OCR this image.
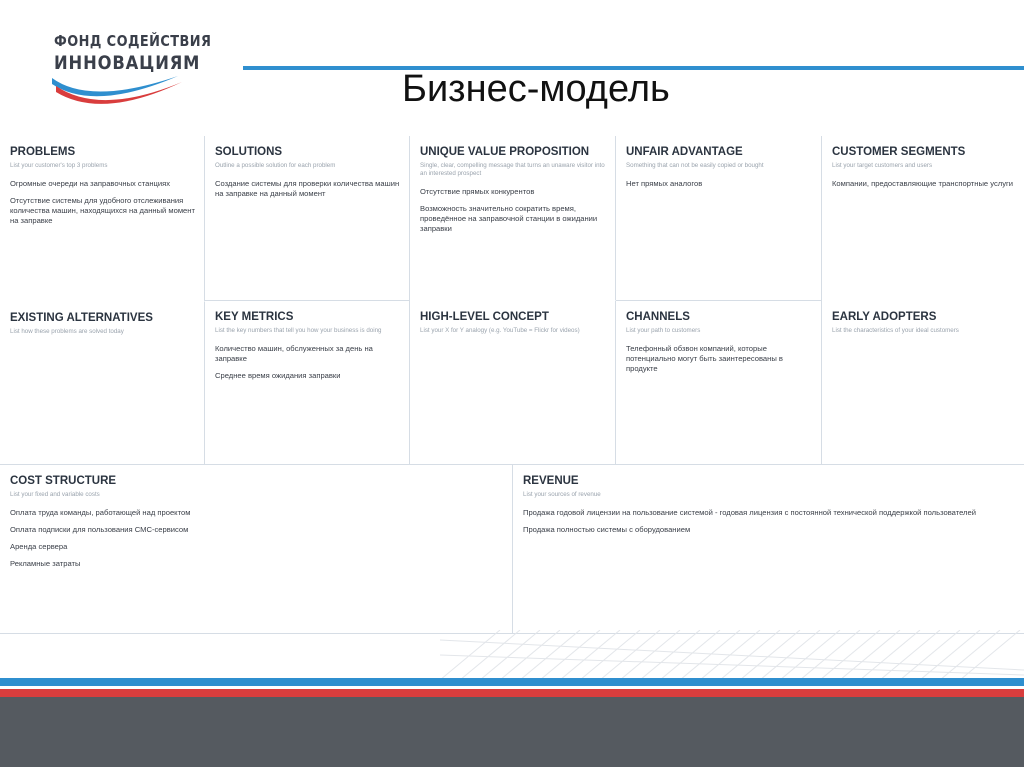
ФОНД СОДЕЙСТВИЯ
ИННОВАЦИЯМ
Бизнес-модель
PROBLEMS
List your customer's top 3 problems
Огромные очереди на заправочных станциях
Отсутствие системы для удобного отслеживания количества машин, находящихся на данный момент на заправке
EXISTING ALTERNATIVES
List how these problems are solved today
SOLUTIONS
Outline a possible solution for each problem
Создание системы для проверки количества машин на заправке на данный момент
KEY METRICS
List the key numbers that tell you how your business is doing
Количество машин, обслуженных за день на заправке
Среднее время ожидания заправки
UNIQUE VALUE PROPOSITION
Single, clear, compelling message that turns an unaware visitor into an interested prospect
Отсутствие прямых конкурентов
Возможность значительно сократить время, проведённое на заправочной станции в ожидании заправки
HIGH-LEVEL CONCEPT
List your X for Y analogy (e.g. YouTube = Flickr for videos)
UNFAIR ADVANTAGE
Something that can not be easily copied or bought
Нет прямых аналогов
CHANNELS
List your path to customers
Телефонный обзвон компаний, которые потенциально могут быть заинтересованы в продукте
CUSTOMER SEGMENTS
List your target customers and users
Компании, предоставляющие транспортные услуги
EARLY ADOPTERS
List the characteristics of your ideal customers
COST STRUCTURE
List your fixed and variable costs
Оплата труда команды, работающей над проектом
Оплата подписки для пользования СМС-сервисом
Аренда сервера
Рекламные затраты
REVENUE
List your sources of revenue
Продажа годовой лицензии на пользование системой - годовая лицензия с постоянной технической поддержкой пользователей
Продажа полностью системы с оборудованием
